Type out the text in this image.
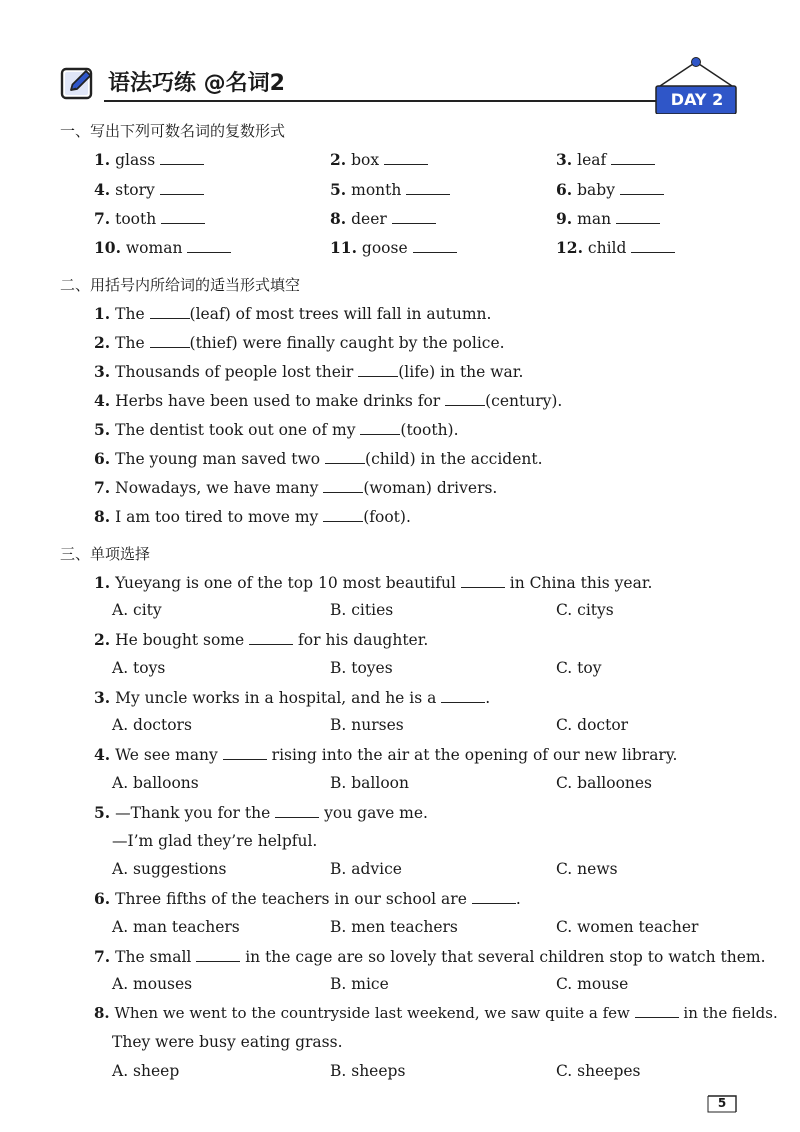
语法巧练 @名词2
DAY 2
一、写出下列可数名词的复数形式
1. glass	2. box	3. leaf
4. story	5. month	6. baby
7. tooth	8. deer	9. man
10. woman	11. goose	12. child
二、用括号内所给词的适当形式填空
1. The	(leaf) of most trees will fall in autumn.
2. The	(thief) were finally caught by the police.
3. Thousands of people lost their	(life) in the war.
4. Herbs have been used to make drinks for	(century).
5. The dentist took out one of my	(tooth).
6. The young man saved two	(child) in the accident.
7. Nowadays, we have many	(woman) drivers.
8. I am too tired to move my	(foot).
三、单项选择
1. Yueyang is one of the top 10 most beautiful	in China this year.
A. city	B. cities	C. citys
2. He bought some	for his daughter.
A. toys	B. toyes	C. toy
3. My uncle works in a hospital, and he is a	.
A. doctors	B. nurses	C. doctor
4. We see many	rising into the air at the opening of our new library.
A. balloons	B. balloon	C. balloones
5. —Thank you for the	you gave me.
—I’m glad they’re helpful.
A. suggestions	B. advice	C. news
6. Three fifths of the teachers in our school are	.
A. man teachers	B. men teachers	C. women teacher
7. The small	in the cage are so lovely that several children stop to watch them.
A. mouses	B. mice	C. mouse
8. When we went to the countryside last weekend, we saw quite a few	in the fields.
They were busy eating grass.
A. sheep	B. sheeps	C. sheepes
5
